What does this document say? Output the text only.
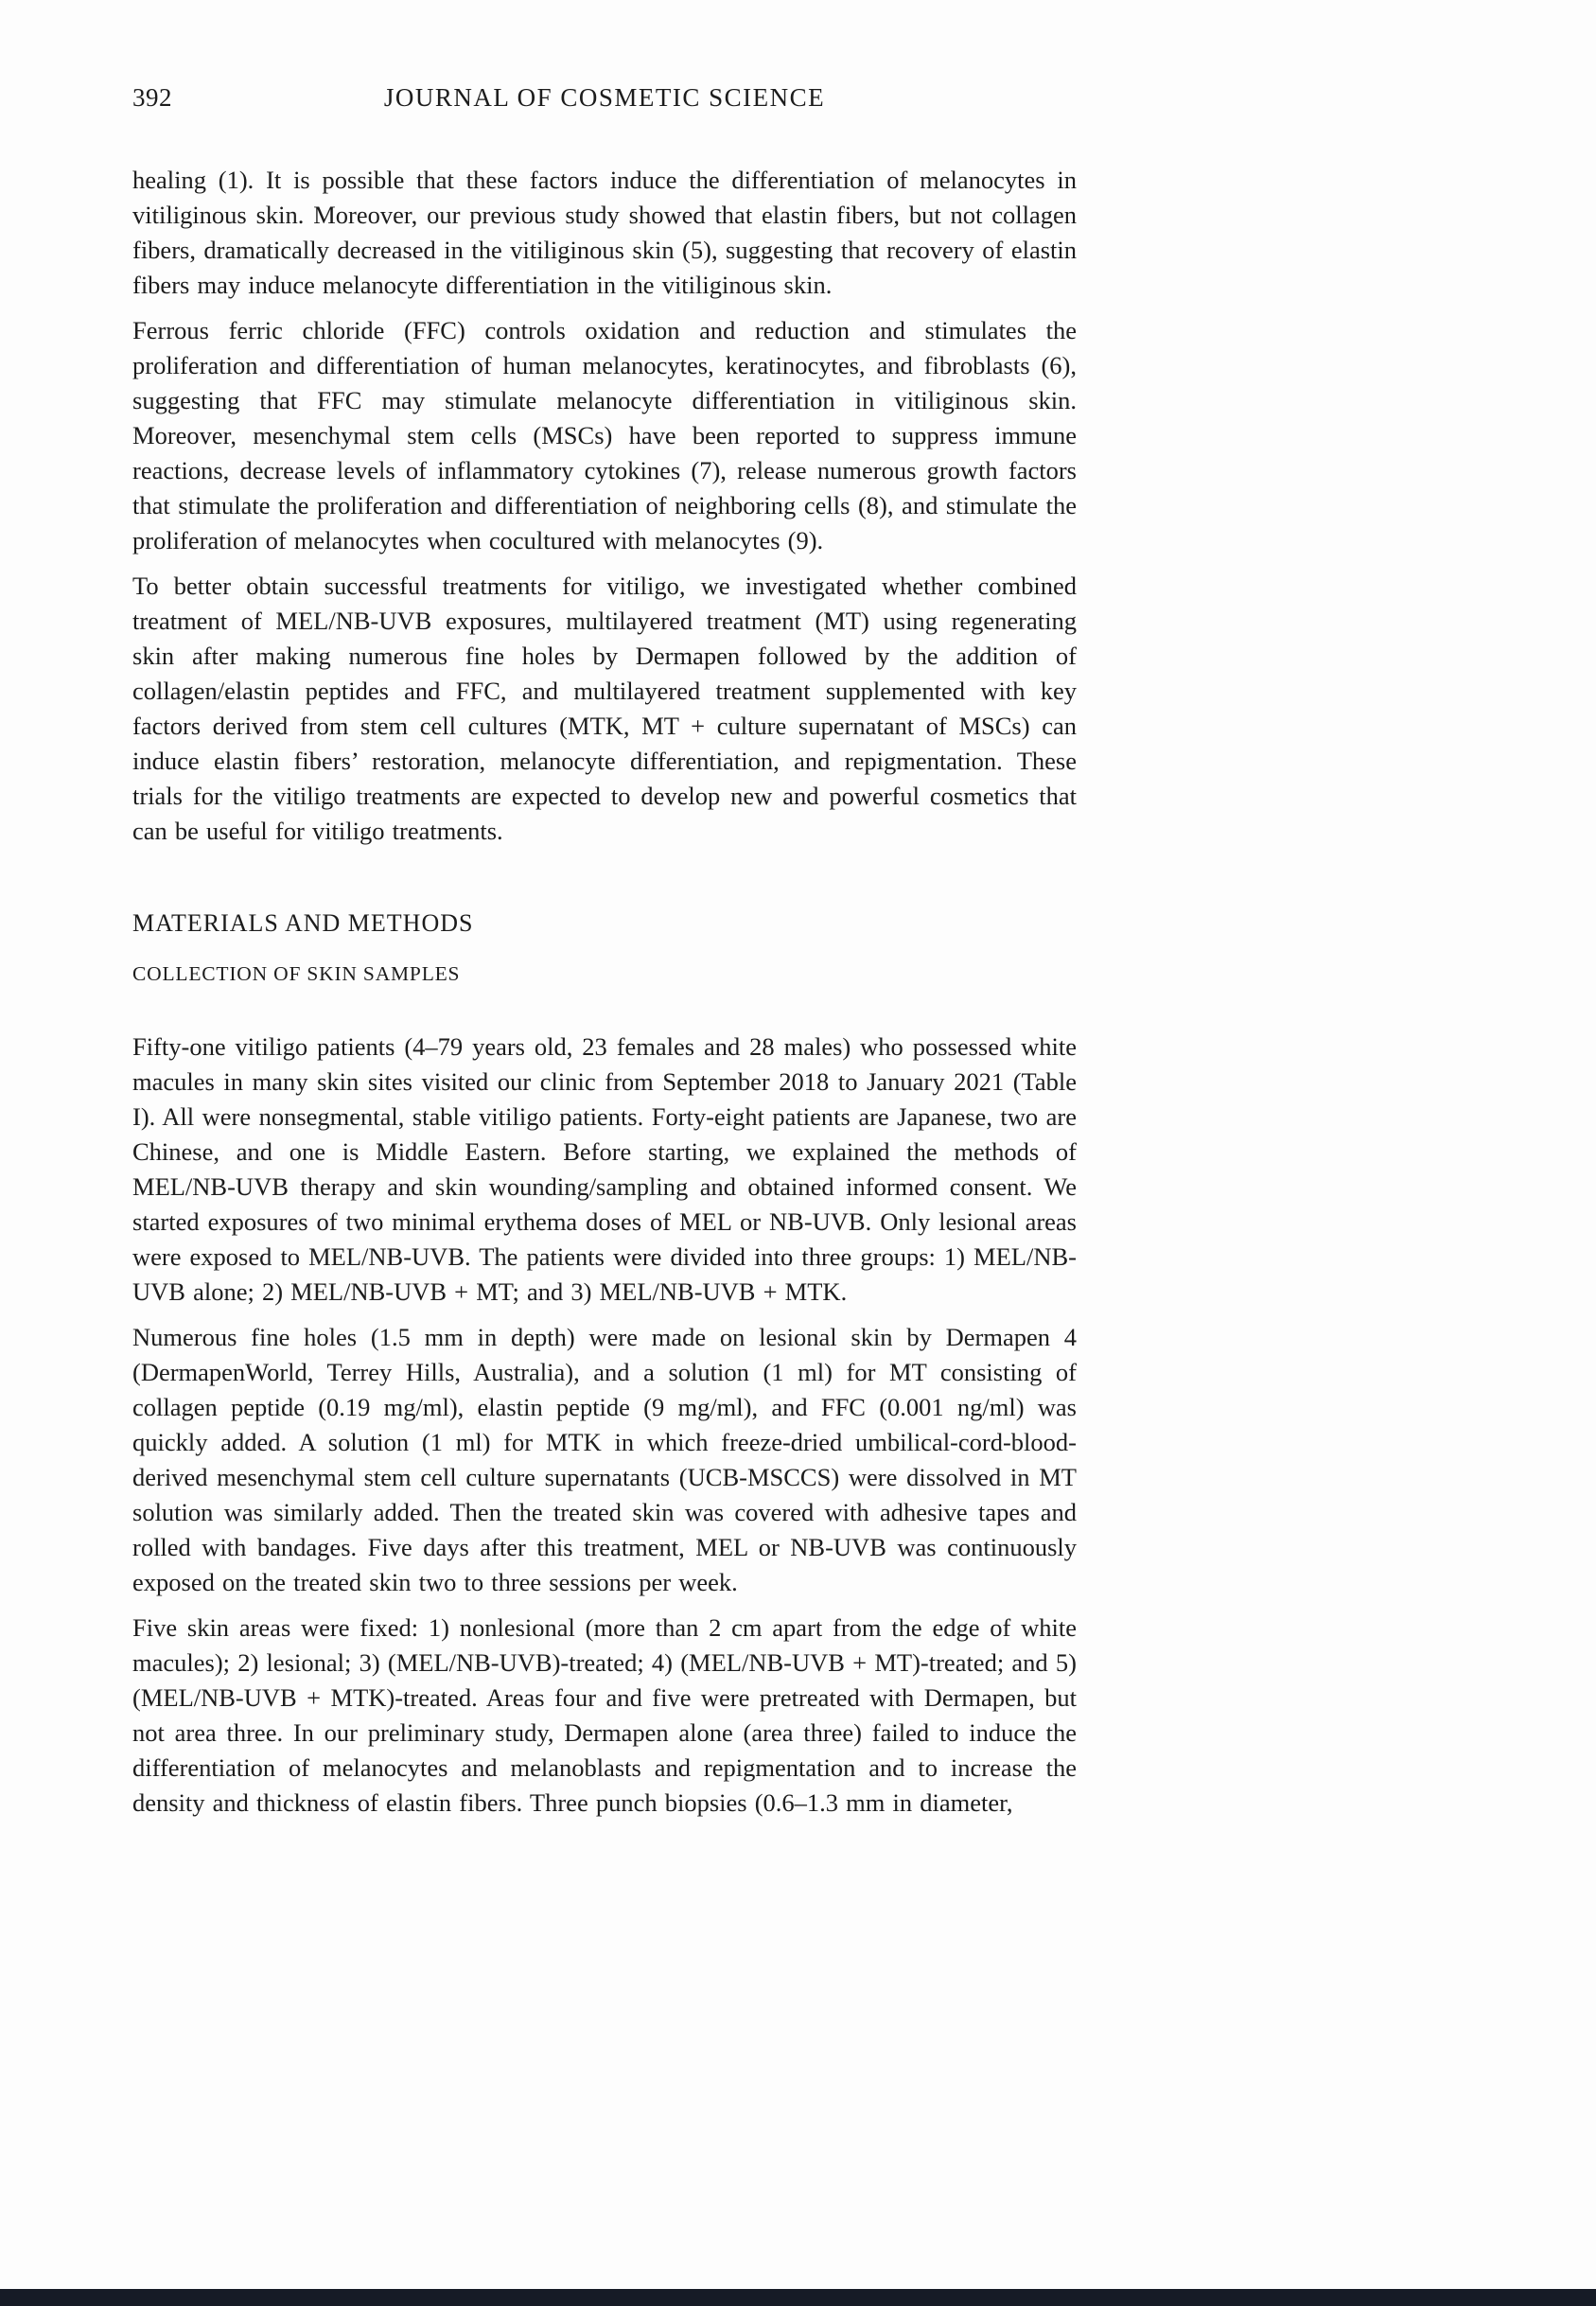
392	JOURNAL OF COSMETIC SCIENCE

healing (1). It is possible that these factors induce the differentiation of melanocytes in vitiliginous skin. Moreover, our previous study showed that elastin fibers, but not collagen fibers, dramatically decreased in the vitiliginous skin (5), suggesting that recovery of elastin fibers may induce melanocyte differentiation in the vitiliginous skin.

Ferrous ferric chloride (FFC) controls oxidation and reduction and stimulates the proliferation and differentiation of human melanocytes, keratinocytes, and fibroblasts (6), suggesting that FFC may stimulate melanocyte differentiation in vitiliginous skin. Moreover, mesenchymal stem cells (MSCs) have been reported to suppress immune reactions, decrease levels of inflammatory cytokines (7), release numerous growth factors that stimulate the proliferation and differentiation of neighboring cells (8), and stimulate the proliferation of melanocytes when cocultured with melanocytes (9).

To better obtain successful treatments for vitiligo, we investigated whether combined treatment of MEL/NB-UVB exposures, multilayered treatment (MT) using regenerating skin after making numerous fine holes by Dermapen followed by the addition of collagen/elastin peptides and FFC, and multilayered treatment supplemented with key factors derived from stem cell cultures (MTK, MT + culture supernatant of MSCs) can induce elastin fibers’ restoration, melanocyte differentiation, and repigmentation. These trials for the vitiligo treatments are expected to develop new and powerful cosmetics that can be useful for vitiligo treatments.

MATERIALS AND METHODS
COLLECTION OF SKIN SAMPLES

Fifty-one vitiligo patients (4–79 years old, 23 females and 28 males) who possessed white macules in many skin sites visited our clinic from September 2018 to January 2021 (Table I). All were nonsegmental, stable vitiligo patients. Forty-eight patients are Japanese, two are Chinese, and one is Middle Eastern. Before starting, we explained the methods of MEL/NB-UVB therapy and skin wounding/sampling and obtained informed consent. We started exposures of two minimal erythema doses of MEL or NB-UVB. Only lesional areas were exposed to MEL/NB-UVB. The patients were divided into three groups: 1) MEL/NB-UVB alone; 2) MEL/NB-UVB + MT; and 3) MEL/NB-UVB + MTK.

Numerous fine holes (1.5 mm in depth) were made on lesional skin by Dermapen 4 (DermapenWorld, Terrey Hills, Australia), and a solution (1 ml) for MT consisting of collagen peptide (0.19 mg/ml), elastin peptide (9 mg/ml), and FFC (0.001 ng/ml) was quickly added. A solution (1 ml) for MTK in which freeze-dried umbilical-cord-blood-derived mesenchymal stem cell culture supernatants (UCB-MSCCS) were dissolved in MT solution was similarly added. Then the treated skin was covered with adhesive tapes and rolled with bandages. Five days after this treatment, MEL or NB-UVB was continuously exposed on the treated skin two to three sessions per week.

Five skin areas were fixed: 1) nonlesional (more than 2 cm apart from the edge of white macules); 2) lesional; 3) (MEL/NB-UVB)-treated; 4) (MEL/NB-UVB + MT)-treated; and 5) (MEL/NB-UVB + MTK)-treated. Areas four and five were pretreated with Dermapen, but not area three. In our preliminary study, Dermapen alone (area three) failed to induce the differentiation of melanocytes and melanoblasts and repigmentation and to increase the density and thickness of elastin fibers. Three punch biopsies (0.6–1.3 mm in diameter,
